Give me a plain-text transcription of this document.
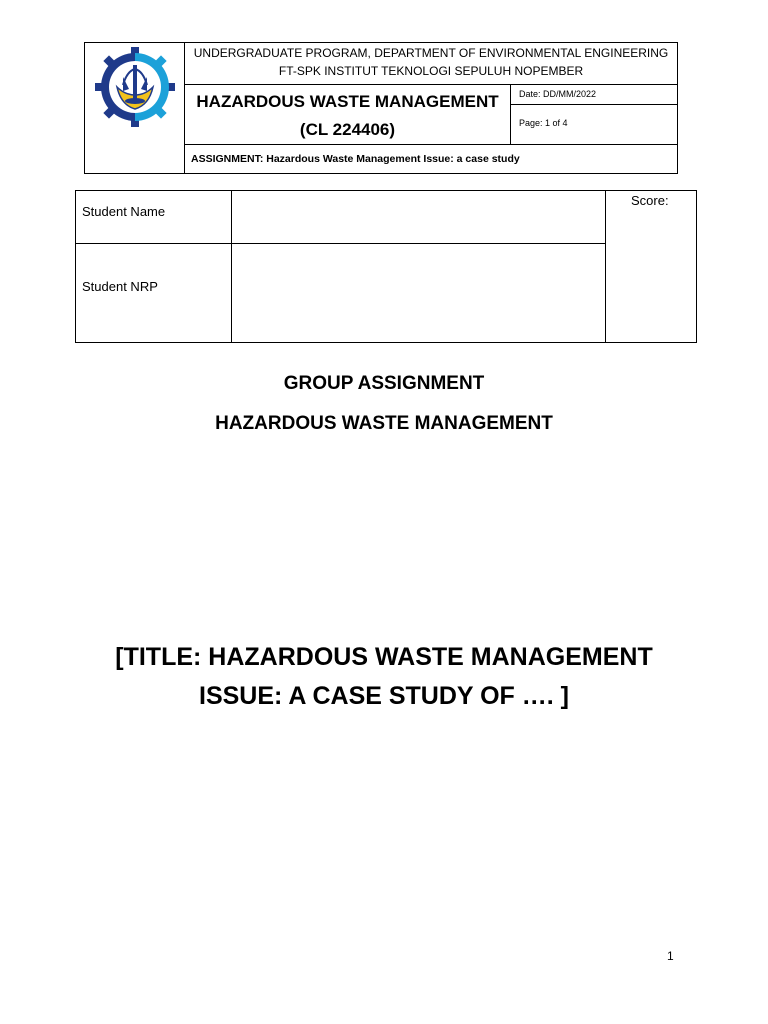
UNDERGRADUATE PROGRAM, DEPARTMENT OF ENVIRONMENTAL ENGINEERING
FT-SPK INSTITUT TEKNOLOGI SEPULUH NOPEMBER
HAZARDOUS WASTE MANAGEMENT
(CL 224406)
Date: DD/MM/2022
Page: 1 of 4
ASSIGNMENT: Hazardous Waste Management Issue: a case study
Student Name
Student NRP
Score:
GROUP ASSIGNMENT
HAZARDOUS WASTE MANAGEMENT
[TITLE: HAZARDOUS WASTE MANAGEMENT
ISSUE: A CASE STUDY OF …. ]
1
